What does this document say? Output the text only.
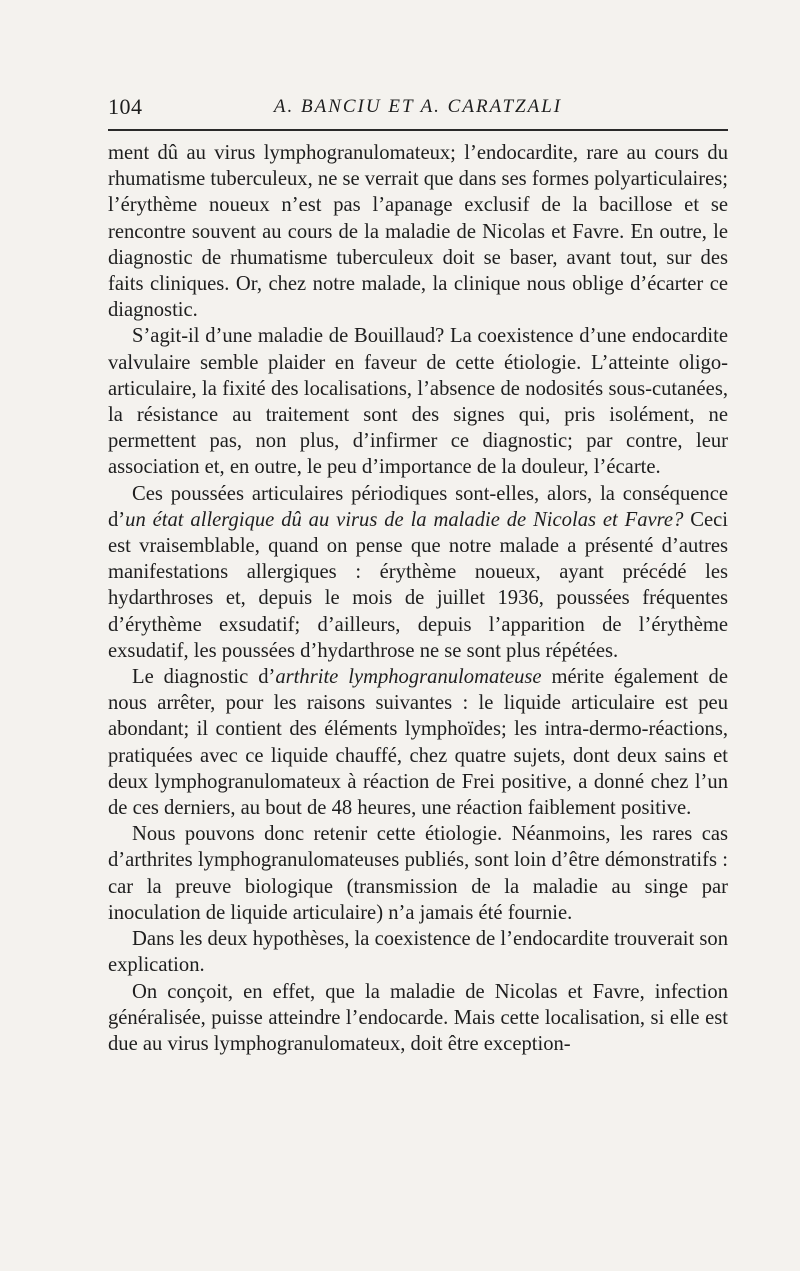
104	A. BANCIU ET A. CARATZALI

ment dû au virus lymphogranulomateux; l’endocardite, rare au cours du rhumatisme tuberculeux, ne se verrait que dans ses formes polyarticulaires; l’érythème noueux n’est pas l’apanage exclusif de la bacillose et se rencontre souvent au cours de la maladie de Nicolas et Favre. En outre, le diagnostic de rhumatisme tuberculeux doit se baser, avant tout, sur des faits cliniques. Or, chez notre malade, la clinique nous oblige d’écarter ce diagnostic.

S’agit-il d’une maladie de Bouillaud? La coexistence d’une endocardite valvulaire semble plaider en faveur de cette étiologie. L’atteinte oligo-articulaire, la fixité des localisations, l’absence de nodosités sous-cutanées, la résistance au traitement sont des signes qui, pris isolément, ne permettent pas, non plus, d’infirmer ce diagnostic; par contre, leur association et, en outre, le peu d’importance de la douleur, l’écarte.

Ces poussées articulaires périodiques sont-elles, alors, la conséquence d’un état allergique dû au virus de la maladie de Nicolas et Favre? Ceci est vraisemblable, quand on pense que notre malade a présenté d’autres manifestations allergiques : érythème noueux, ayant précédé les hydarthroses et, depuis le mois de juillet 1936, poussées fréquentes d’érythème exsudatif; d’ailleurs, depuis l’apparition de l’érythème exsudatif, les poussées d’hydarthrose ne se sont plus répétées.

Le diagnostic d’arthrite lymphogranulomateuse mérite également de nous arrêter, pour les raisons suivantes : le liquide articulaire est peu abondant; il contient des éléments lymphoïdes; les intra-dermo-réactions, pratiquées avec ce liquide chauffé, chez quatre sujets, dont deux sains et deux lymphogranulomateux à réaction de Frei positive, a donné chez l’un de ces derniers, au bout de 48 heures, une réaction faiblement positive.

Nous pouvons donc retenir cette étiologie. Néanmoins, les rares cas d’arthrites lymphogranulomateuses publiés, sont loin d’être démonstratifs : car la preuve biologique (transmission de la maladie au singe par inoculation de liquide articulaire) n’a jamais été fournie.

Dans les deux hypothèses, la coexistence de l’endocardite trouverait son explication.

On conçoit, en effet, que la maladie de Nicolas et Favre, infection généralisée, puisse atteindre l’endocarde. Mais cette localisation, si elle est due au virus lymphogranulomateux, doit être exception-
